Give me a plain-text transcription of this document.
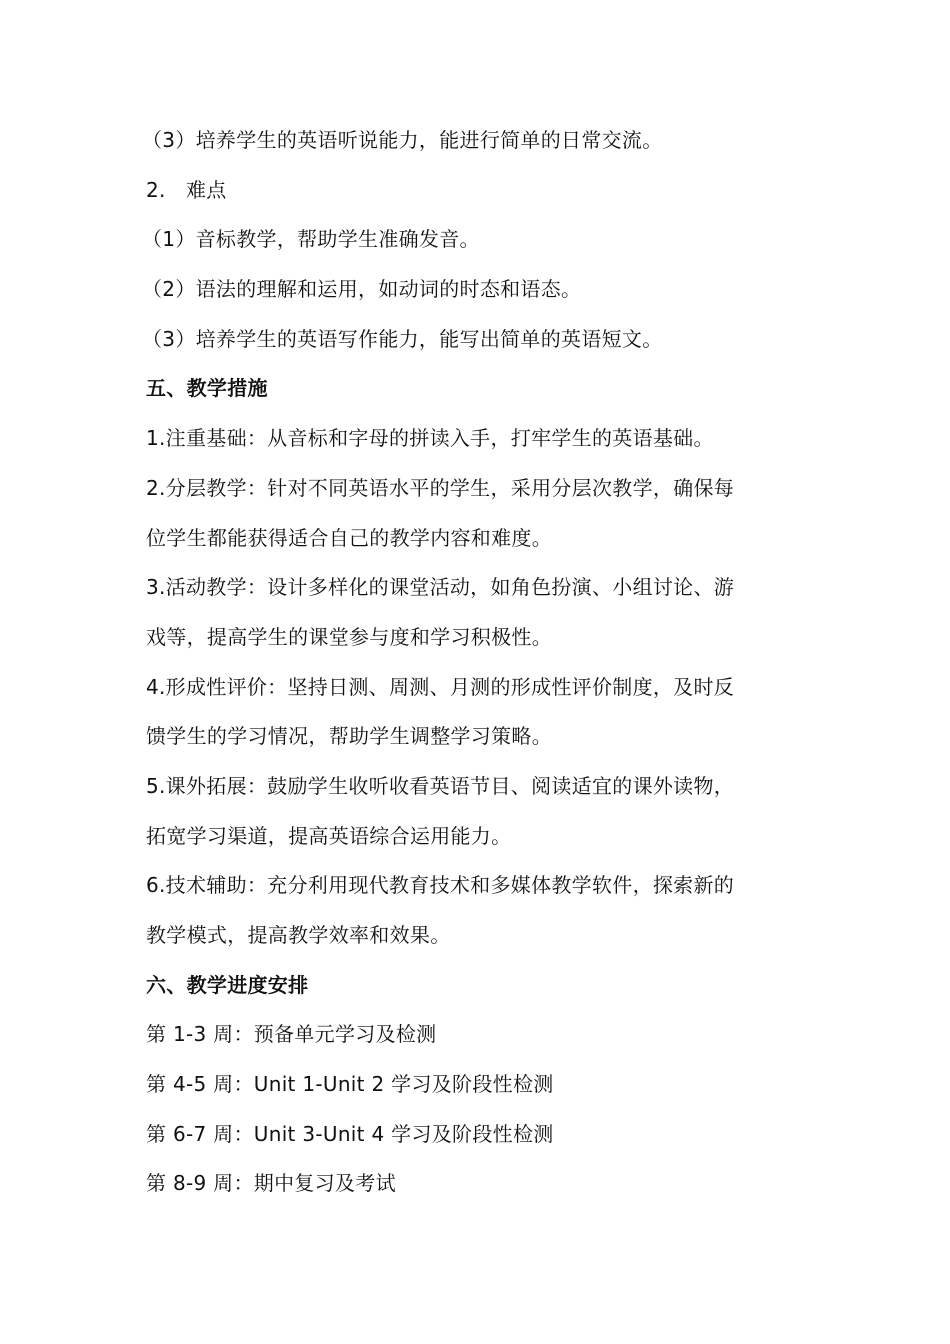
（3）培养学生的英语听说能力，能进行简单的日常交流。
2. 难点
（1）音标教学，帮助学生准确发音。
（2）语法的理解和运用，如动词的时态和语态。
（3）培养学生的英语写作能力，能写出简单的英语短文。
五、教学措施
1.注重基础：从音标和字母的拼读入手，打牢学生的英语基础。
2.分层教学：针对不同英语水平的学生，采用分层次教学，确保每
位学生都能获得适合自己的教学内容和难度。
3.活动教学：设计多样化的课堂活动，如角色扮演、小组讨论、游
戏等，提高学生的课堂参与度和学习积极性。
4.形成性评价：坚持日测、周测、月测的形成性评价制度，及时反
馈学生的学习情况，帮助学生调整学习策略。
5.课外拓展：鼓励学生收听收看英语节目、阅读适宜的课外读物，
拓宽学习渠道，提高英语综合运用能力。
6.技术辅助：充分利用现代教育技术和多媒体教学软件，探索新的
教学模式，提高教学效率和效果。
六、教学进度安排
第 1-3 周：预备单元学习及检测
第 4-5 周：Unit 1-Unit 2 学习及阶段性检测
第 6-7 周：Unit 3-Unit 4 学习及阶段性检测
第 8-9 周：期中复习及考试
